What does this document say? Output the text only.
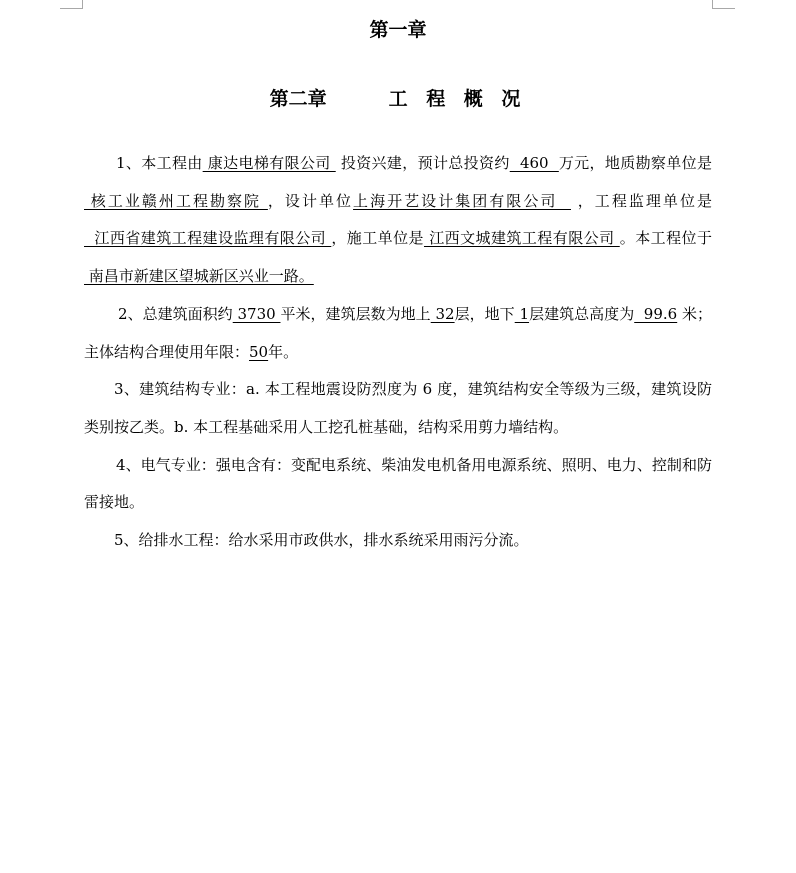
第一章
第二章	工 程 概 况

1、本工程由 康达电梯有限公司  投资兴建，预计总投资约  460  万元，地质勘察单位是 核工业赣州工程勘察院 ，设计单位上海开艺设计集团有限公司   ，工程监理单位是  江西省建筑工程建设监理有限公司 ，施工单位是 江西文城建筑工程有限公司 。本工程位于 南昌市新建区望城新区兴业一路。

2、总建筑面积约 3730 平米，建筑层数为地上 32层，地下 1层建筑总高度为  99.6 米；主体结构合理使用年限：50年。

3、建筑结构专业：a. 本工程地震设防烈度为 6 度，建筑结构安全等级为三级，建筑设防类别按乙类。b. 本工程基础采用人工挖孔桩基础，结构采用剪力墙结构。

4、电气专业：强电含有：变配电系统、柴油发电机备用电源系统、照明、电力、控制和防雷接地。

5、给排水工程：给水采用市政供水，排水系统采用雨污分流。
